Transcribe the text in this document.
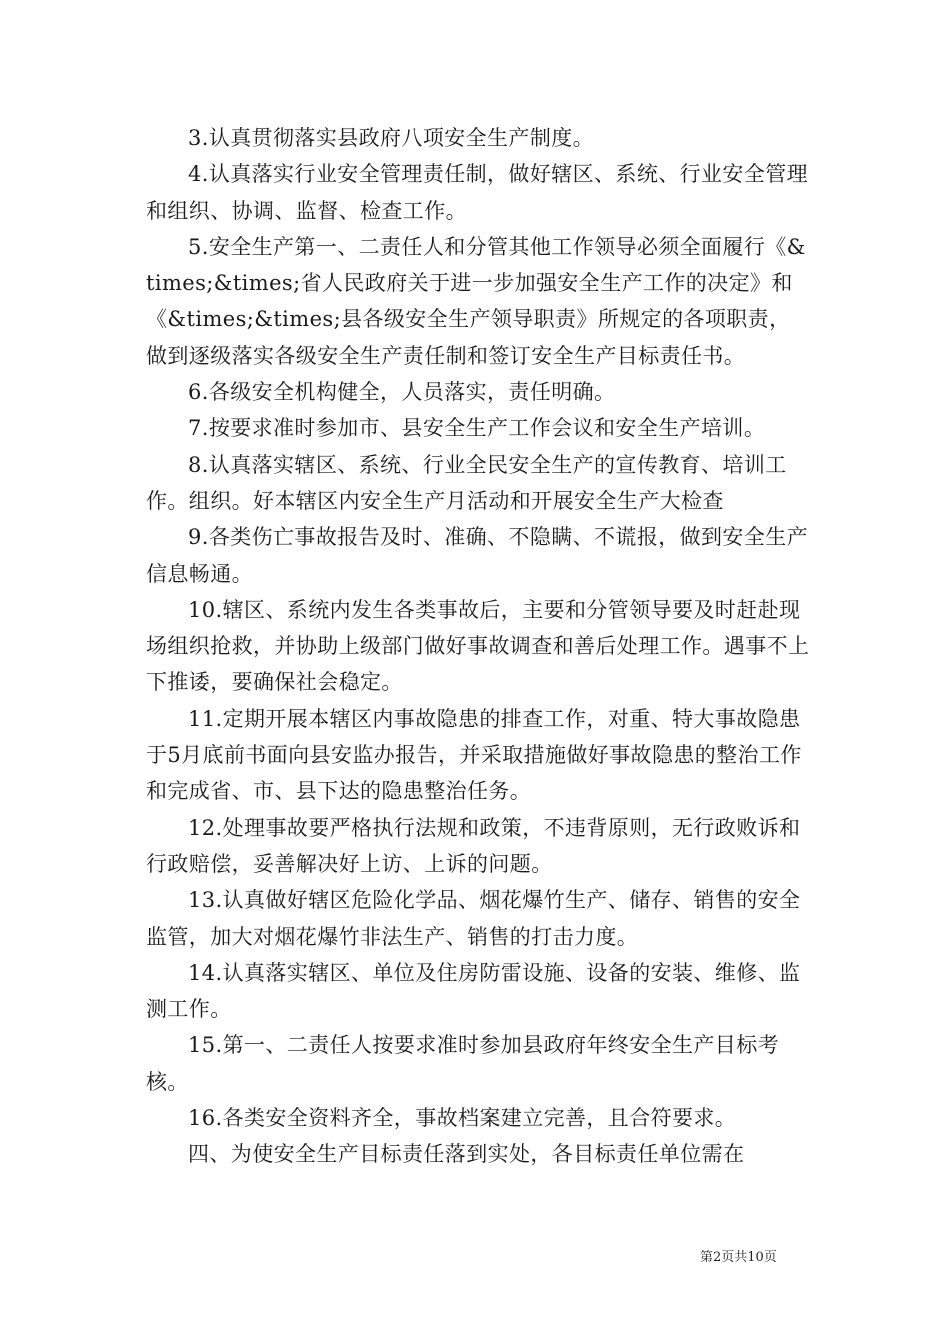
3.认真贯彻落实县政府八项安全生产制度。

4.认真落实行业安全管理责任制，做好辖区、系统、行业安全管理和组织、协调、监督、检查工作。

5.安全生产第一、二责任人和分管其他工作领导必须全面履行《&times;&times;省人民政府关于进一步加强安全生产工作的决定》和《&times;&times;县各级安全生产领导职责》所规定的各项职责，做到逐级落实各级安全生产责任制和签订安全生产目标责任书。

6.各级安全机构健全，人员落实，责任明确。

7.按要求准时参加市、县安全生产工作会议和安全生产培训。

8.认真落实辖区、系统、行业全民安全生产的宣传教育、培训工作。组织。好本辖区内安全生产月活动和开展安全生产大检查

9.各类伤亡事故报告及时、准确、不隐瞒、不谎报，做到安全生产信息畅通。

10.辖区、系统内发生各类事故后，主要和分管领导要及时赶赴现场组织抢救，并协助上级部门做好事故调查和善后处理工作。遇事不上下推诿，要确保社会稳定。

11.定期开展本辖区内事故隐患的排查工作，对重、特大事故隐患于5月底前书面向县安监办报告，并采取措施做好事故隐患的整治工作和完成省、市、县下达的隐患整治任务。

12.处理事故要严格执行法规和政策，不违背原则，无行政败诉和行政赔偿，妥善解决好上访、上诉的问题。

13.认真做好辖区危险化学品、烟花爆竹生产、储存、销售的安全监管，加大对烟花爆竹非法生产、销售的打击力度。

14.认真落实辖区、单位及住房防雷设施、设备的安装、维修、监测工作。

15.第一、二责任人按要求准时参加县政府年终安全生产目标考核。

16.各类安全资料齐全，事故档案建立完善，且合符要求。

四、为使安全生产目标责任落到实处，各目标责任单位需在

第2页共10页
